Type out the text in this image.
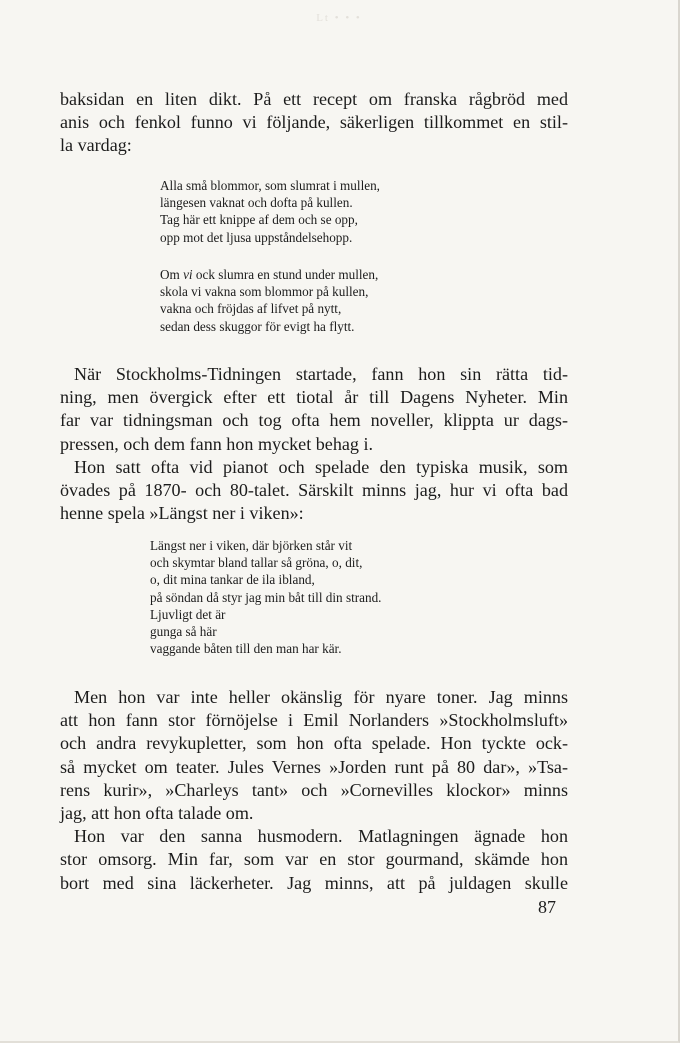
Lt • • •
baksidan en liten dikt. På ett recept om franska rågbröd med
anis och fenkol funno vi följande, säkerligen tillkommet en stil-
la vardag:
Alla små blommor, som slumrat i mullen,
längesen vaknat och dofta på kullen.
Tag här ett knippe af dem och se opp,
opp mot det ljusa uppståndelsehopp.
Om vi ock slumra en stund under mullen,
skola vi vakna som blommor på kullen,
vakna och fröjdas af lifvet på nytt,
sedan dess skuggor för evigt ha flytt.
När Stockholms-Tidningen startade, fann hon sin rätta tid-
ning, men övergick efter ett tiotal år till Dagens Nyheter. Min
far var tidningsman och tog ofta hem noveller, klippta ur dags-
pressen, och dem fann hon mycket behag i.
Hon satt ofta vid pianot och spelade den typiska musik, som
övades på 1870- och 80-talet. Särskilt minns jag, hur vi ofta bad
henne spela »Längst ner i viken»:
Längst ner i viken, där björken står vit
och skymtar bland tallar så gröna, o, dit,
o, dit mina tankar de ila ibland,
på söndan då styr jag min båt till din strand.
Ljuvligt det är
gunga så här
vaggande båten till den man har kär.
Men hon var inte heller okänslig för nyare toner. Jag minns
att hon fann stor förnöjelse i Emil Norlanders »Stockholmsluft»
och andra revykupletter, som hon ofta spelade. Hon tyckte ock-
så mycket om teater. Jules Vernes »Jorden runt på 80 dar», »Tsa-
rens kurir», »Charleys tant» och »Cornevilles klockor» minns
jag, att hon ofta talade om.
Hon var den sanna husmodern. Matlagningen ägnade hon
stor omsorg. Min far, som var en stor gourmand, skämde hon
bort med sina läckerheter. Jag minns, att på juldagen skulle
87
